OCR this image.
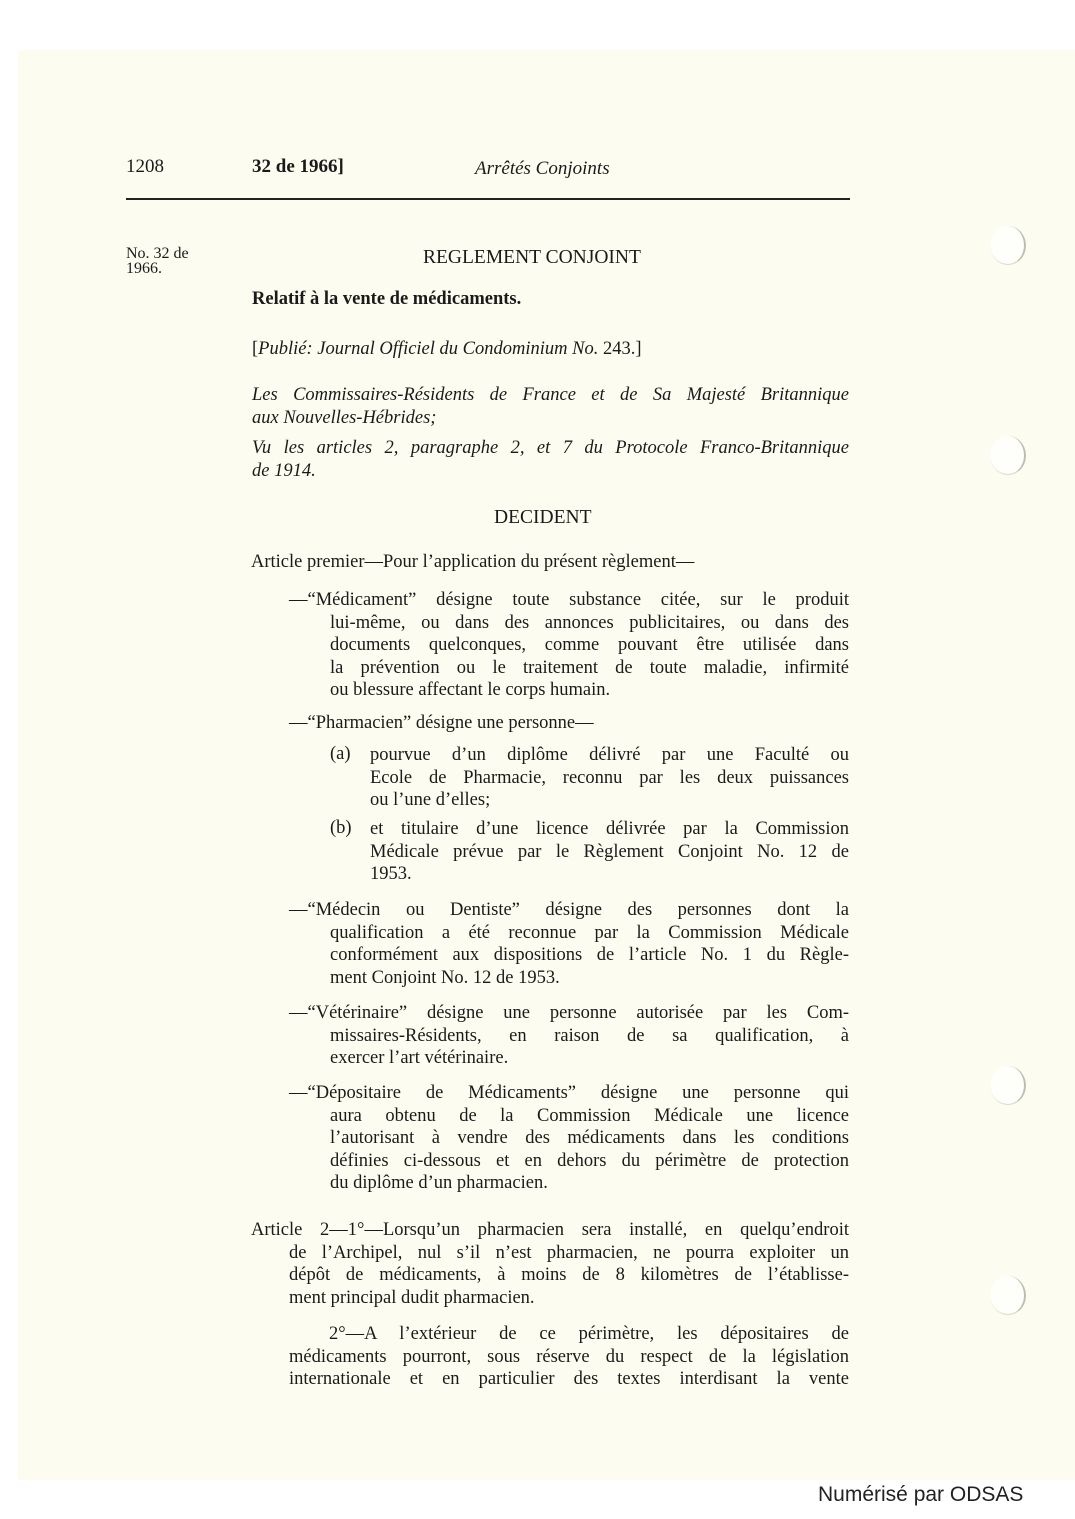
1208	32 de 1966]	Arrêtés Conjoints
No. 32 de
1966.
REGLEMENT CONJOINT
Relatif à la vente de médicaments.
[Publié: Journal Officiel du Condominium No. 243.]
Les Commissaires-Résidents de France et de Sa Majesté Britannique
aux Nouvelles-Hébrides;
Vu les articles 2, paragraphe 2, et 7 du Protocole Franco-Britannique
de 1914.
DECIDENT
Article premier—Pour l’application du présent règlement—
—“Médicament” désigne toute substance citée, sur le produit
lui-même, ou dans des annonces publicitaires, ou dans des
documents quelconques, comme pouvant être utilisée dans
la prévention ou le traitement de toute maladie, infirmité
ou blessure affectant le corps humain.
—“Pharmacien” désigne une personne—
(a) pourvue d’un diplôme délivré par une Faculté ou
Ecole de Pharmacie, reconnu par les deux puissances
ou l’une d’elles;
(b) et titulaire d’une licence délivrée par la Commission
Médicale prévue par le Règlement Conjoint No. 12 de
1953.
—“Médecin ou Dentiste” désigne des personnes dont la
qualification a été reconnue par la Commission Médicale
conformément aux dispositions de l’article No. 1 du Règle-
ment Conjoint No. 12 de 1953.
—“Vétérinaire” désigne une personne autorisée par les Com-
missaires-Résidents, en raison de sa qualification, à
exercer l’art vétérinaire.
—“Dépositaire de Médicaments” désigne une personne qui
aura obtenu de la Commission Médicale une licence
l’autorisant à vendre des médicaments dans les conditions
définies ci-dessous et en dehors du périmètre de protection
du diplôme d’un pharmacien.
Article 2—1°—Lorsqu’un pharmacien sera installé, en quelqu’endroit
de l’Archipel, nul s’il n’est pharmacien, ne pourra exploiter un
dépôt de médicaments, à moins de 8 kilomètres de l’établisse-
ment principal dudit pharmacien.
2°—A l’extérieur de ce périmètre, les dépositaires de
médicaments pourront, sous réserve du respect de la législation
internationale et en particulier des textes interdisant la vente
Numérisé par ODSAS
